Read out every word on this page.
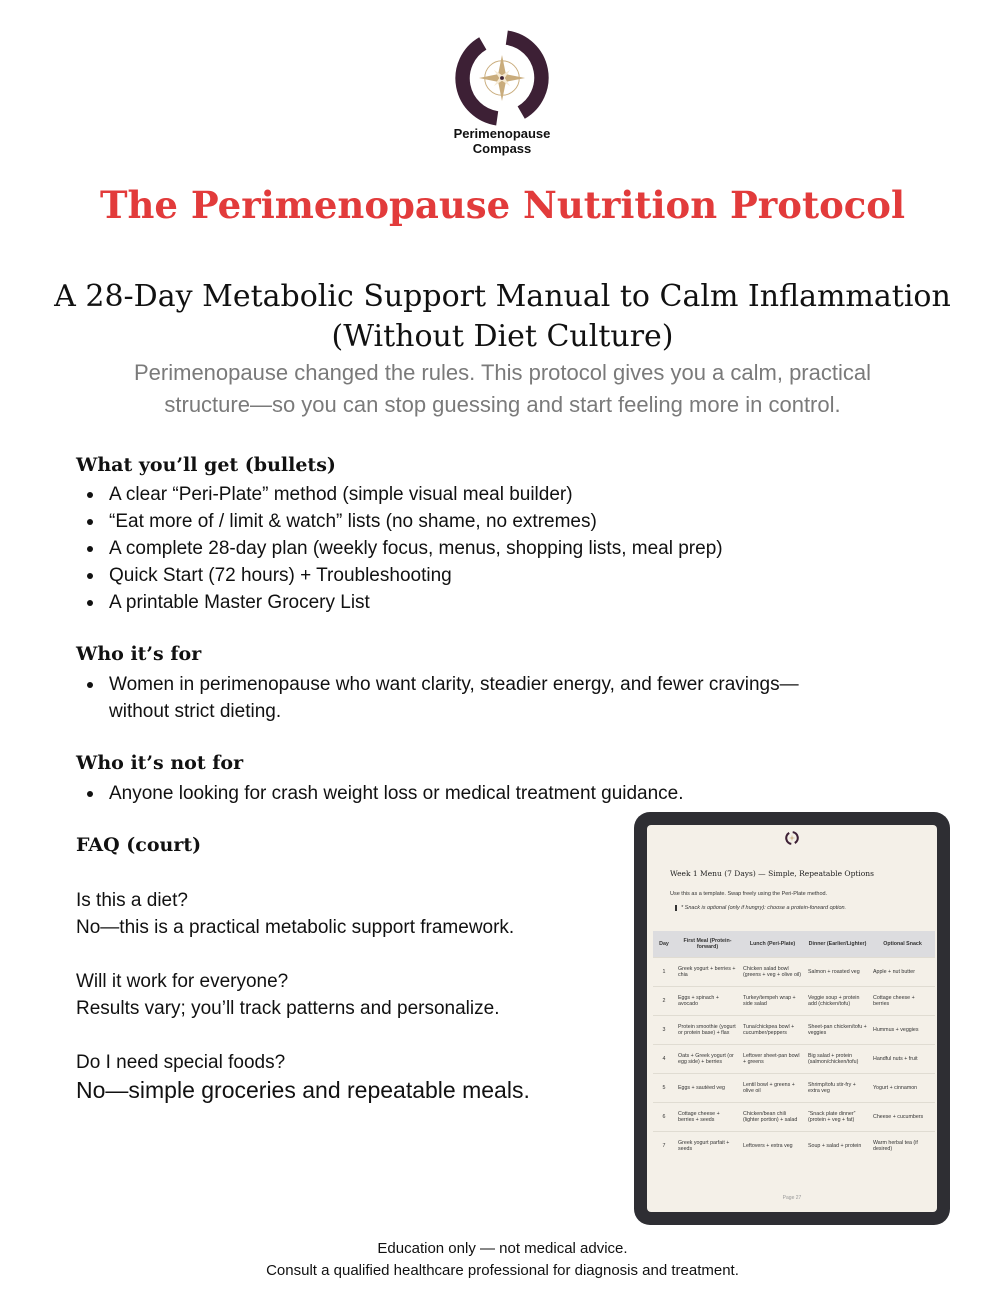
Perimenopause
Compass
The Perimenopause Nutrition Protocol
A 28-Day Metabolic Support Manual to Calm Inflammation
(Without Diet Culture)
Perimenopause changed the rules. This protocol gives you a calm, practical
structure—so you can stop guessing and start feeling more in control.
What you’ll get (bullets)
A clear “Peri-Plate” method (simple visual meal builder)
“Eat more of / limit & watch” lists (no shame, no extremes)
A complete 28-day plan (weekly focus, menus, shopping lists, meal prep)
Quick Start (72 hours) + Troubleshooting
A printable Master Grocery List
Who it’s for
Women in perimenopause who want clarity, steadier energy, and fewer cravings—
without strict dieting.
Who it’s not for
Anyone looking for crash weight loss or medical treatment guidance.
FAQ (court)
Is this a diet?
No—this is a practical metabolic support framework.
Will it work for everyone?
Results vary; you’ll track patterns and personalize.
Do I need special foods?
No—simple groceries and repeatable meals.
Week 1 Menu (7 Days) — Simple, Repeatable Options
Use this as a template. Swap freely using the Peri-Plate method.
* Snack is optional (only if hungry): choose a protein-forward option.
Day	First Meal (Protein-forward)	Lunch (Peri-Plate)	Dinner (Earlier/Lighter)	Optional Snack
1	Greek yogurt + berries + chia	Chicken salad bowl (greens + veg + olive oil)	Salmon + roasted veg	Apple + nut butter
2	Eggs + spinach + avocado	Turkey/tempeh wrap + side salad	Veggie soup + protein add (chicken/tofu)	Cottage cheese + berries
3	Protein smoothie (yogurt or protein base) + flax	Tuna/chickpea bowl + cucumber/peppers	Sheet-pan chicken/tofu + veggies	Hummus + veggies
4	Oats + Greek yogurt (or egg side) + berries	Leftover sheet-pan bowl + greens	Big salad + protein (salmon/chicken/tofu)	Handful nuts + fruit
5	Eggs + sautéed veg	Lentil bowl + greens + olive oil	Shrimp/tofu stir-fry + extra veg	Yogurt + cinnamon
6	Cottage cheese + berries + seeds	Chicken/bean chili (lighter portion) + salad	“Snack plate dinner” (protein + veg + fat)	Cheese + cucumbers
7	Greek yogurt parfait + seeds	Leftovers + extra veg	Soup + salad + protein	Warm herbal tea (if desired)
Page 27
Education only — not medical advice.
Consult a qualified healthcare professional for diagnosis and treatment.
